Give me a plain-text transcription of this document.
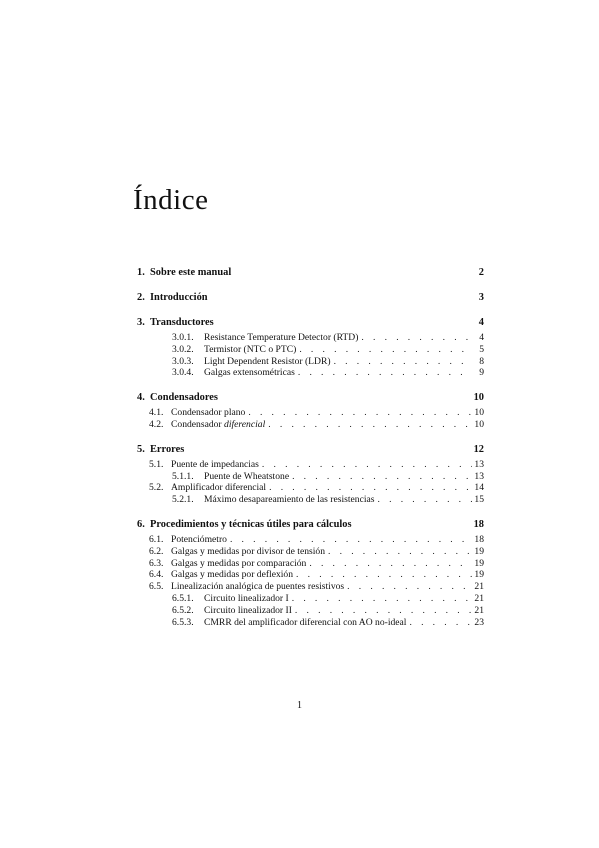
Índice
1. Sobre este manual	2
2. Introducción	3
3. Transductores	4
3.0.1.	Resistance Temperature Detector (RTD) . . .	4
3.0.2.	Termistor (NTC o PTC) . . .	5
3.0.3.	Light Dependent Resistor (LDR) . . .	8
3.0.4.	Galgas extensométricas . . .	9
4. Condensadores	10
4.1. Condensador plano . . .	10
4.2. Condensador diferencial . . .	10
5. Errores	12
5.1. Puente de impedancias . . .	13
5.1.1.	Puente de Wheatstone . . .	13
5.2. Amplificador diferencial . . .	14
5.2.1.	Máximo desapareamiento de las resistencias . . .	15
6. Procedimientos y técnicas útiles para cálculos	18
6.1. Potenciómetro . . .	18
6.2. Galgas y medidas por divisor de tensión . . .	19
6.3. Galgas y medidas por comparación . . .	19
6.4. Galgas y medidas por deflexión . . .	19
6.5. Linealización analógica de puentes resistivos . . .	21
6.5.1.	Circuito linealizador I . . .	21
6.5.2.	Circuito linealizador II . . .	21
6.5.3.	CMRR del amplificador diferencial con AO no-ideal . . .	23
1
